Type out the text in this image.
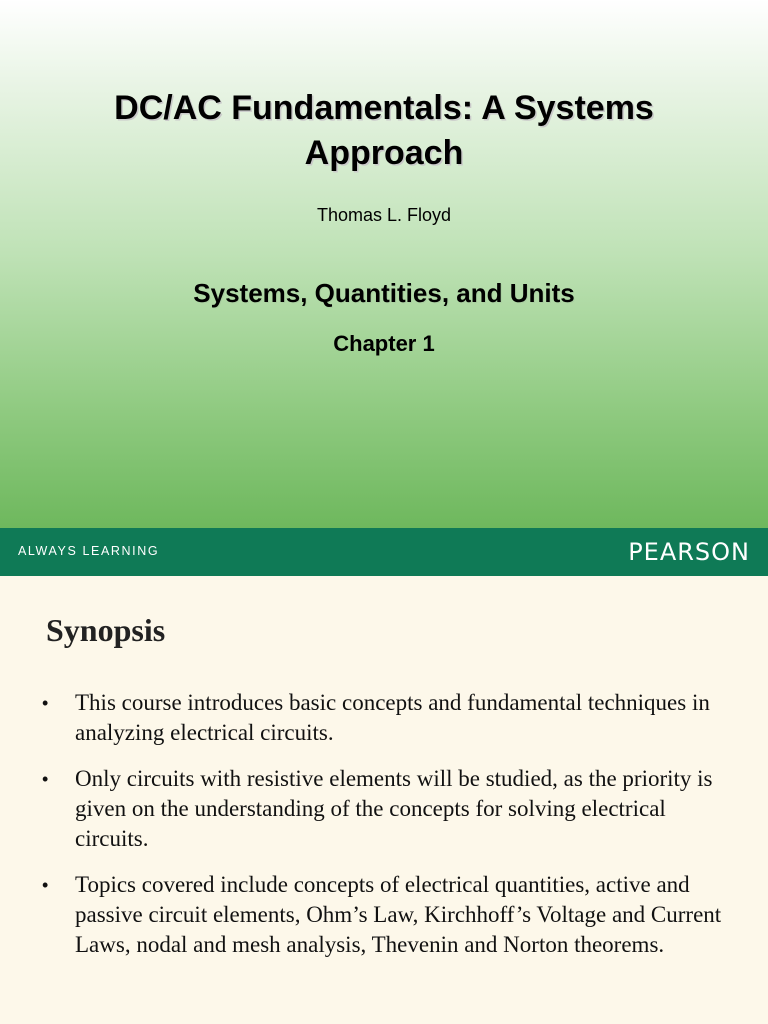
DC/AC Fundamentals: A Systems
Approach
Thomas L. Floyd
Systems, Quantities, and Units
Chapter 1
ALWAYS LEARNING	PEARSON
Synopsis
• This course introduces basic concepts and fundamental techniques in analyzing electrical circuits.
• Only circuits with resistive elements will be studied, as the priority is given on the understanding of the concepts for solving electrical circuits.
• Topics covered include concepts of electrical quantities, active and passive circuit elements, Ohm’s Law, Kirchhoff’s Voltage and Current Laws, nodal and mesh analysis, Thevenin and Norton theorems.
